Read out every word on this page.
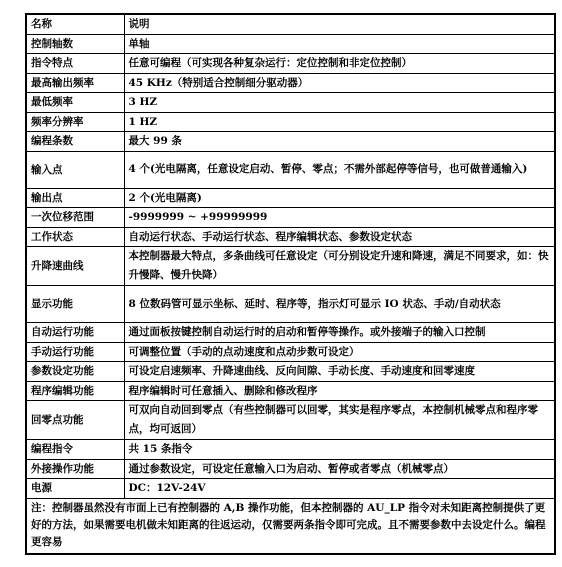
名称	说明
控制轴数	单轴
指令特点	任意可编程（可实现各种复杂运行：定位控制和非定位控制）
最高输出频率	45 KHz（特别适合控制细分驱动器）
最低频率	3 HZ
频率分辨率	1 HZ
编程条数	最大 99 条
输入点	4 个(光电隔离，任意设定启动、暂停、零点；不需外部起停等信号，也可做普通输入)
输出点	2 个(光电隔离)
一次位移范围	-9999999 ~ +99999999
工作状态	自动运行状态、手动运行状态、程序编辑状态、参数设定状态
升降速曲线	本控制器最大特点，多条曲线可任意设定（可分别设定升速和降速，满足不同要求，如：快升慢降、慢升快降）
显示功能	8 位数码管可显示坐标、延时、程序等，指示灯可显示 IO 状态、手动/自动状态
自动运行功能	通过面板按键控制自动运行时的启动和暂停等操作。或外接端子的输入口控制
手动运行功能	可调整位置（手动的点动速度和点动步数可设定）
参数设定功能	可设定启速频率、升降速曲线、反向间隙、手动长度、手动速度和回零速度
程序编辑功能	程序编辑时可任意插入、删除和修改程序
回零点功能	可双向自动回到零点（有些控制器可以回零，其实是程序零点，本控制机械零点和程序零点，均可返回）
编程指令	共 15 条指令
外接操作功能	通过参数设定，可设定任意输入口为启动、暂停或者零点（机械零点）
电源	DC：12V-24V
注：控制器虽然没有市面上已有控制器的 A,B 操作功能，但本控制器的 AU_LP 指令对未知距离控制提供了更好的方法，如果需要电机做未知距离的往返运动，仅需要两条指令即可完成。且不需要参数中去设定什么。编程更容易	
